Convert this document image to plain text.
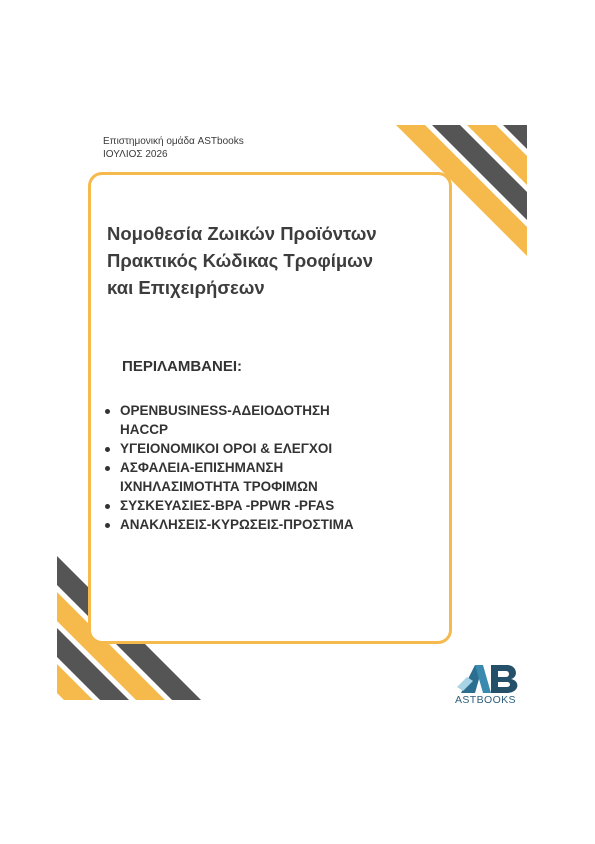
Επιστημονική ομάδα ASTbooks
ΙΟΥΛΙΟΣ 2026
Νομοθεσία Ζωικών Προϊόντων
Πρακτικός Κώδικας Τροφίμων
και Επιχειρήσεων
ΠΕΡΙΛΑΜΒΑΝΕΙ:
OPENBUSINESS-ΑΔΕΙΟΔΟΤΗΣΗ
HACCP
ΥΓΕΙΟΝΟΜΙΚΟΙ ΟΡΟΙ & ΕΛΕΓΧΟΙ
ΑΣΦΑΛΕΙΑ-ΕΠΙΣΗΜΑΝΣΗ
ΙΧΝΗΛΑΣΙΜΟΤΗΤΑ ΤΡΟΦΙΜΩΝ
ΣΥΣΚΕΥΑΣΙΕΣ-BPA -PPWR -PFAS
ΑΝΑΚΛΗΣΕΙΣ-ΚΥΡΩΣΕΙΣ-ΠΡΟΣΤΙΜΑ
ASTBOOKS
